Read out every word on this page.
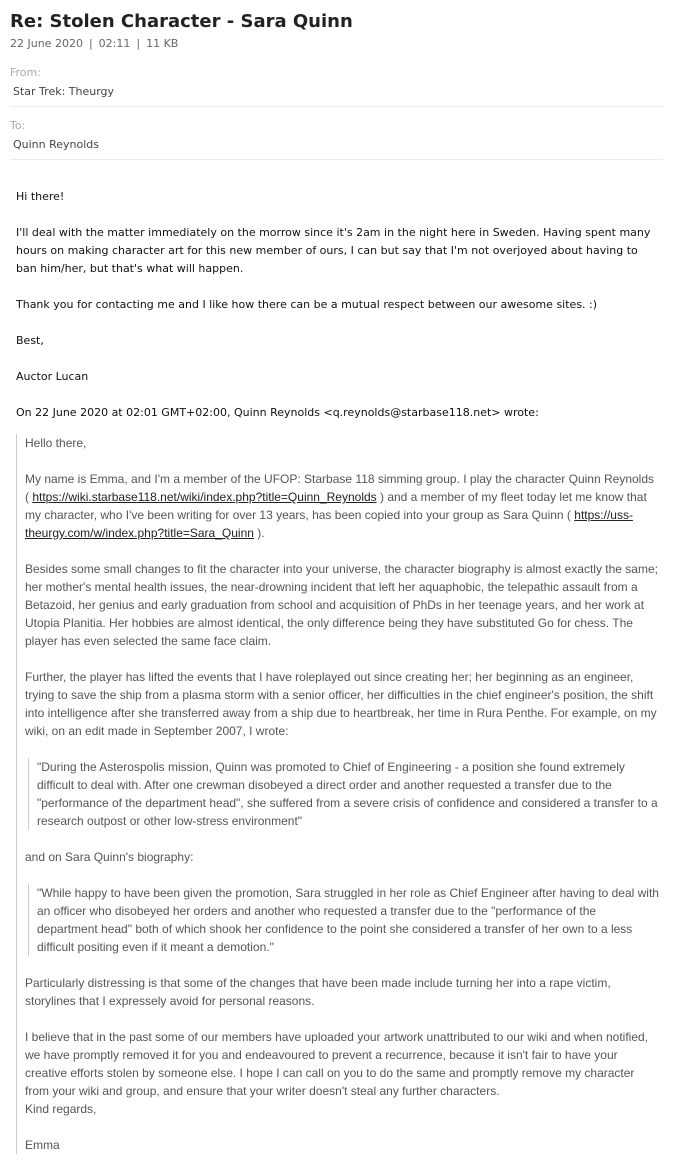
Re: Stolen Character - Sara Quinn
22 June 2020 | 02:11 | 11 KB
From:
Star Trek: Theurgy
To:
Quinn Reynolds

Hi there!

I'll deal with the matter immediately on the morrow since it's 2am in the night here in Sweden. Having spent many hours on making character art for this new member of ours, I can but say that I'm not overjoyed about having to ban him/her, but that's what will happen.

Thank you for contacting me and I like how there can be a mutual respect between our awesome sites. :)

Best,

Auctor Lucan

On 22 June 2020 at 02:01 GMT+02:00, Quinn Reynolds <q.reynolds@starbase118.net> wrote:

Hello there,

My name is Emma, and I'm a member of the UFOP: Starbase 118 simming group. I play the character Quinn Reynolds ( https://wiki.starbase118.net/wiki/index.php?title=Quinn_Reynolds ) and a member of my fleet today let me know that my character, who I've been writing for over 13 years, has been copied into your group as Sara Quinn ( https://uss-theurgy.com/w/index.php?title=Sara_Quinn ).

Besides some small changes to fit the character into your universe, the character biography is almost exactly the same; her mother's mental health issues, the near-drowning incident that left her aquaphobic, the telepathic assault from a Betazoid, her genius and early graduation from school and acquisition of PhDs in her teenage years, and her work at Utopia Planitia. Her hobbies are almost identical, the only difference being they have substituted Go for chess. The player has even selected the same face claim.

Further, the player has lifted the events that I have roleplayed out since creating her; her beginning as an engineer, trying to save the ship from a plasma storm with a senior officer, her difficulties in the chief engineer's position, the shift into intelligence after she transferred away from a ship due to heartbreak, her time in Rura Penthe. For example, on my wiki, on an edit made in September 2007, I wrote:

"During the Asterospolis mission, Quinn was promoted to Chief of Engineering - a position she found extremely difficult to deal with. After one crewman disobeyed a direct order and another requested a transfer due to the "performance of the department head", she suffered from a severe crisis of confidence and considered a transfer to a research outpost or other low-stress environment"

and on Sara Quinn's biography:

"While happy to have been given the promotion, Sara struggled in her role as Chief Engineer after having to deal with an officer who disobeyed her orders and another who requested a transfer due to the "performance of the department head" both of which shook her confidence to the point she considered a transfer of her own to a less difficult positing even if it meant a demotion."

Particularly distressing is that some of the changes that have been made include turning her into a rape victim, storylines that I expressely avoid for personal reasons.

I believe that in the past some of our members have uploaded your artwork unattributed to our wiki and when notified, we have promptly removed it for you and endeavoured to prevent a recurrence, because it isn't fair to have your creative efforts stolen by someone else. I hope I can call on you to do the same and promptly remove my character from your wiki and group, and ensure that your writer doesn't steal any further characters.

Kind regards,

Emma
